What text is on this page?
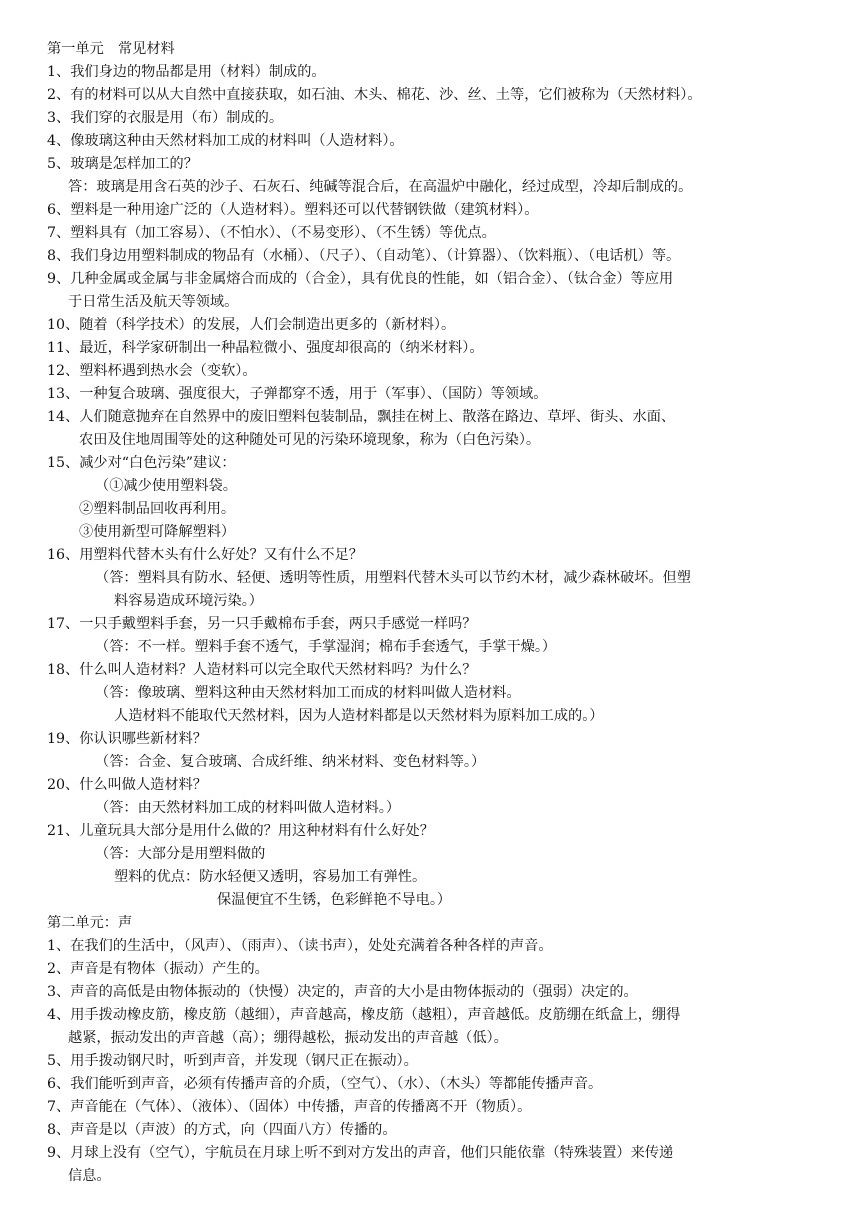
第一单元　常见材料
1、我们身边的物品都是用（材料）制成的。
2、有的材料可以从大自然中直接获取，如石油、木头、棉花、沙、丝、土等，它们被称为（天然材料）。
3、我们穿的衣服是用（布）制成的。
4、像玻璃这种由天然材料加工成的材料叫（人造材料）。
5、玻璃是怎样加工的？
答：玻璃是用含石英的沙子、石灰石、纯碱等混合后，在高温炉中融化，经过成型，冷却后制成的。
6、塑料是一种用途广泛的（人造材料）。塑料还可以代替钢铁做（建筑材料）。
7、塑料具有（加工容易）、（不怕水）、（不易变形）、（不生锈）等优点。
8、我们身边用塑料制成的物品有（水桶）、（尺子）、（自动笔）、（计算器）、（饮料瓶）、（电话机）等。
9、几种金属或金属与非金属熔合而成的（合金），具有优良的性能，如（铝合金）、（钛合金）等应用
于日常生活及航天等领域。
10、随着（科学技术）的发展，人们会制造出更多的（新材料）。
11、最近，科学家研制出一种晶粒微小、强度却很高的（纳米材料）。
12、塑料杯遇到热水会（变软）。
13、一种复合玻璃、强度很大，子弹都穿不透，用于（军事）、（国防）等领域。
14、人们随意抛弃在自然界中的废旧塑料包装制品，飘挂在树上、散落在路边、草坪、街头、水面、
农田及住地周围等处的这种随处可见的污染环境现象，称为（白色污染）。
15、减少对“白色污染”建议：
（①减少使用塑料袋。
②塑料制品回收再利用。
③使用新型可降解塑料）
16、用塑料代替木头有什么好处？又有什么不足？
（答：塑料具有防水、轻便、透明等性质，用塑料代替木头可以节约木材，减少森林破坏。但塑
料容易造成环境污染。）
17、一只手戴塑料手套，另一只手戴棉布手套，两只手感觉一样吗？
（答：不一样。塑料手套不透气，手掌湿润；棉布手套透气，手掌干燥。）
18、什么叫人造材料？人造材料可以完全取代天然材料吗？为什么？
（答：像玻璃、塑料这种由天然材料加工而成的材料叫做人造材料。
人造材料不能取代天然材料，因为人造材料都是以天然材料为原料加工成的。）
19、你认识哪些新材料？
（答：合金、复合玻璃、合成纤维、纳米材料、变色材料等。）
20、什么叫做人造材料？
（答：由天然材料加工成的材料叫做人造材料。）
21、儿童玩具大部分是用什么做的？用这种材料有什么好处？
（答：大部分是用塑料做的
塑料的优点：防水轻便又透明，容易加工有弹性。
保温便宜不生锈，色彩鲜艳不导电。）
第二单元：声
1、在我们的生活中，（风声）、（雨声）、（读书声），处处充满着各种各样的声音。
2、声音是有物体（振动）产生的。
3、声音的高低是由物体振动的（快慢）决定的，声音的大小是由物体振动的（强弱）决定的。
4、用手拨动橡皮筋，橡皮筋（越细），声音越高，橡皮筋（越粗），声音越低。皮筋绷在纸盒上，绷得
越紧，振动发出的声音越（高）；绷得越松，振动发出的声音越（低）。
5、用手拨动钢尺时，听到声音，并发现（钢尺正在振动）。
6、我们能听到声音，必须有传播声音的介质，（空气）、（水）、（木头）等都能传播声音。
7、声音能在（气体）、（液体）、（固体）中传播，声音的传播离不开（物质）。
8、声音是以（声波）的方式，向（四面八方）传播的。
9、月球上没有（空气），宇航员在月球上听不到对方发出的声音，他们只能依靠（特殊装置）来传递
信息。
